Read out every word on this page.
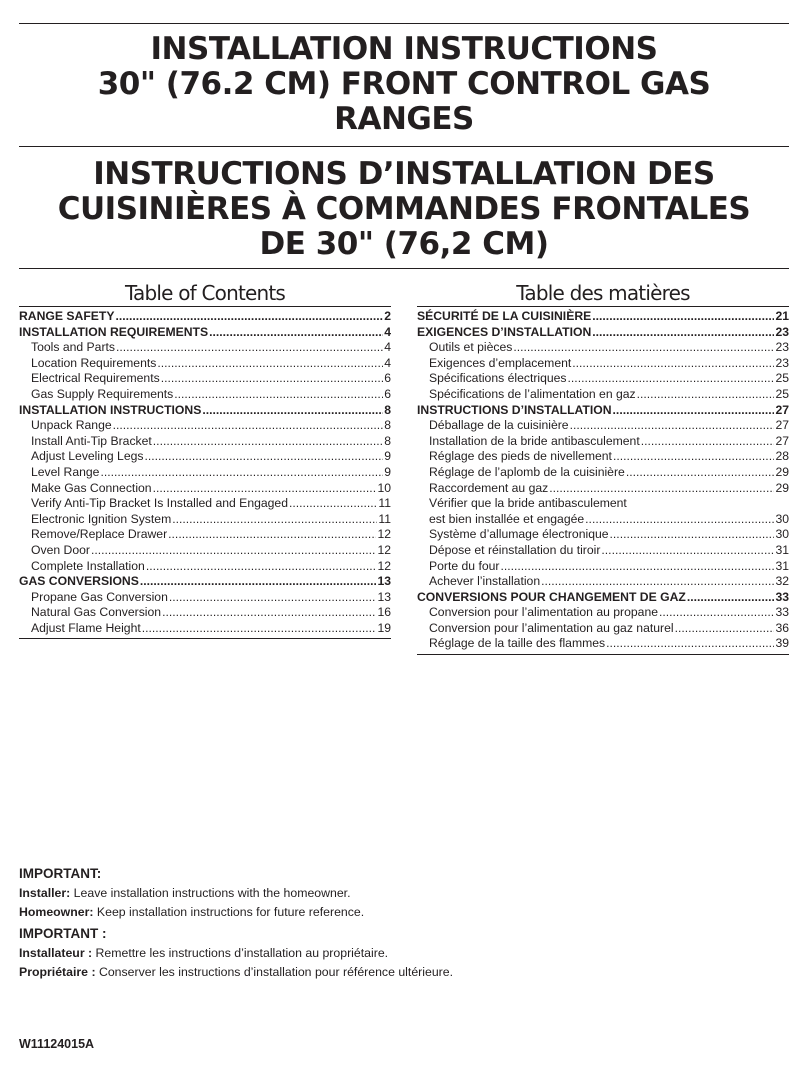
INSTALLATION INSTRUCTIONS
30" (76.2 CM) FRONT CONTROL GAS
RANGES
INSTRUCTIONS D’INSTALLATION DES
CUISINIÈRES À COMMANDES FRONTALES
DE 30" (76,2 CM)
Table of Contents
RANGE SAFETY .....	2
INSTALLATION REQUIREMENTS .....	4
Tools and Parts .....	4
Location Requirements .....	4
Electrical Requirements .....	6
Gas Supply Requirements .....	6
INSTALLATION INSTRUCTIONS .....	8
Unpack Range .....	8
Install Anti-Tip Bracket .....	8
Adjust Leveling Legs .....	9
Level Range .....	9
Make Gas Connection .....	10
Verify Anti-Tip Bracket Is Installed and Engaged .....	11
Electronic Ignition System .....	11
Remove/Replace Drawer .....	12
Oven Door .....	12
Complete Installation .....	12
GAS CONVERSIONS .....	13
Propane Gas Conversion .....	13
Natural Gas Conversion .....	16
Adjust Flame Height .....	19
Table des matières
SÉCURITÉ DE LA CUISINIÈRE .....	21
EXIGENCES D’INSTALLATION .....	23
Outils et pièces .....	23
Exigences d’emplacement .....	23
Spécifications électriques .....	25
Spécifications de l’alimentation en gaz .....	25
INSTRUCTIONS D’INSTALLATION .....	27
Déballage de la cuisinière .....	27
Installation de la bride antibasculement .....	27
Réglage des pieds de nivellement .....	28
Réglage de l’aplomb de la cuisinière .....	29
Raccordement au gaz .....	29
Vérifier que la bride antibasculement
est bien installée et engagée .....	30
Système d’allumage électronique .....	30
Dépose et réinstallation du tiroir .....	31
Porte du four .....	31
Achever l’installation .....	32
CONVERSIONS POUR CHANGEMENT DE GAZ .....	33
Conversion pour l’alimentation au propane .....	33
Conversion pour l’alimentation au gaz naturel .....	36
Réglage de la taille des flammes .....	39
IMPORTANT:
Installer: Leave installation instructions with the homeowner.
Homeowner: Keep installation instructions for future reference.
IMPORTANT :
Installateur : Remettre les instructions d’installation au propriétaire.
Propriétaire : Conserver les instructions d’installation pour référence ultérieure.
W11124015A
